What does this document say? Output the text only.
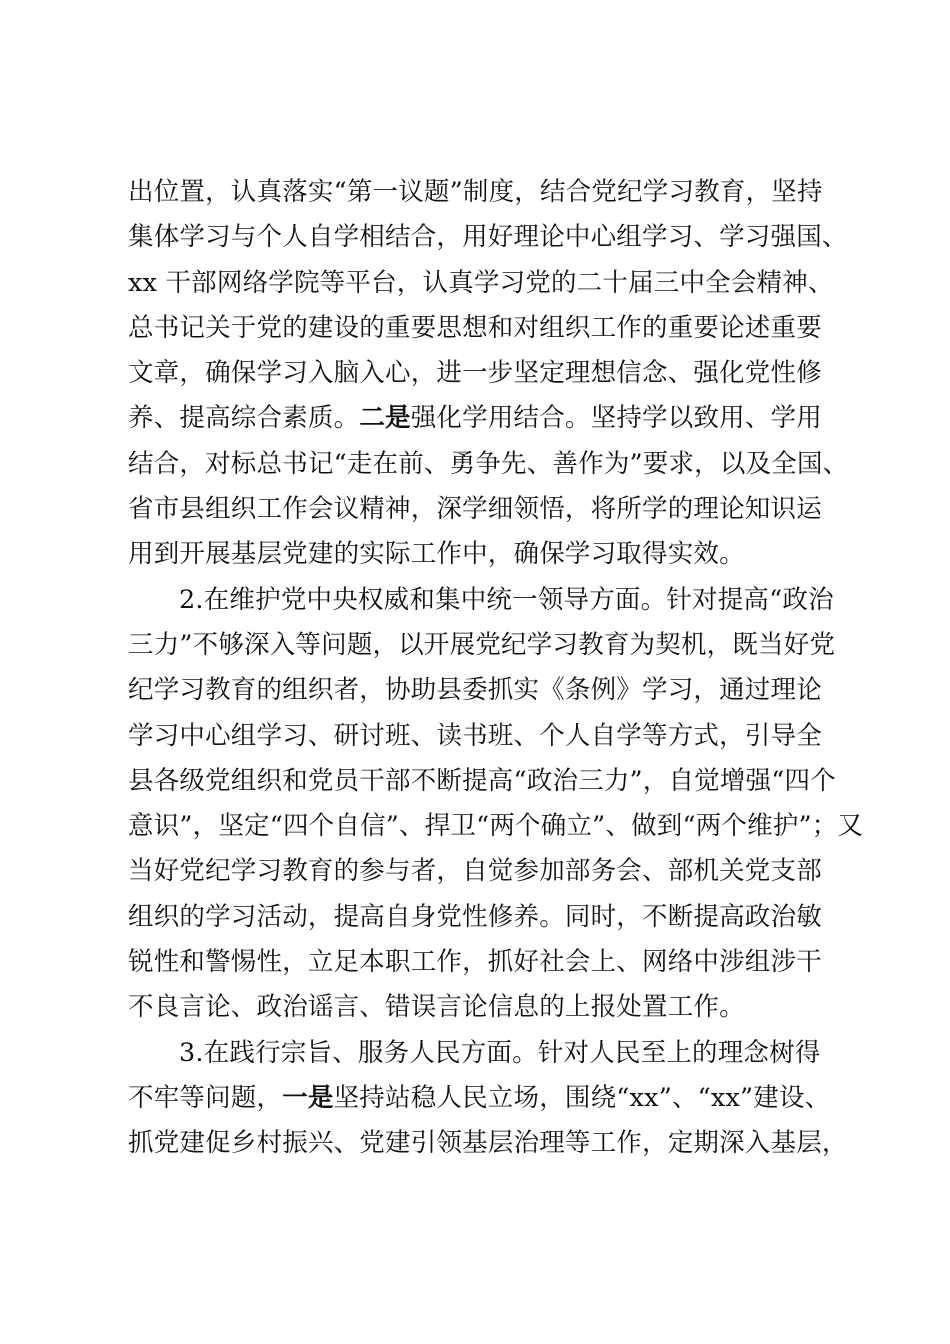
出位置，认真落实“第一议题”制度，结合党纪学习教育，坚持
集体学习与个人自学相结合，用好理论中心组学习、学习强国、
xx 干部网络学院等平台，认真学习党的二十届三中全会精神、
总书记关于党的建设的重要思想和对组织工作的重要论述重要
文章，确保学习入脑入心，进一步坚定理想信念、强化党性修
养、提高综合素质。二是强化学用结合。坚持学以致用、学用
结合，对标总书记“走在前、勇争先、善作为”要求，以及全国、
省市县组织工作会议精神，深学细领悟，将所学的理论知识运
用到开展基层党建的实际工作中，确保学习取得实效。

2.在维护党中央权威和集中统一领导方面。针对提高“政治
三力”不够深入等问题，以开展党纪学习教育为契机，既当好党
纪学习教育的组织者，协助县委抓实《条例》学习，通过理论
学习中心组学习、研讨班、读书班、个人自学等方式，引导全
县各级党组织和党员干部不断提高“政治三力”，自觉增强“四个
意识”，坚定“四个自信”、捍卫“两个确立”、做到“两个维护”；又
当好党纪学习教育的参与者，自觉参加部务会、部机关党支部
组织的学习活动，提高自身党性修养。同时，不断提高政治敏
锐性和警惕性，立足本职工作，抓好社会上、网络中涉组涉干
不良言论、政治谣言、错误言论信息的上报处置工作。

3.在践行宗旨、服务人民方面。针对人民至上的理念树得
不牢等问题，一是坚持站稳人民立场，围绕“xx”、“xx”建设、
抓党建促乡村振兴、党建引领基层治理等工作，定期深入基层，
